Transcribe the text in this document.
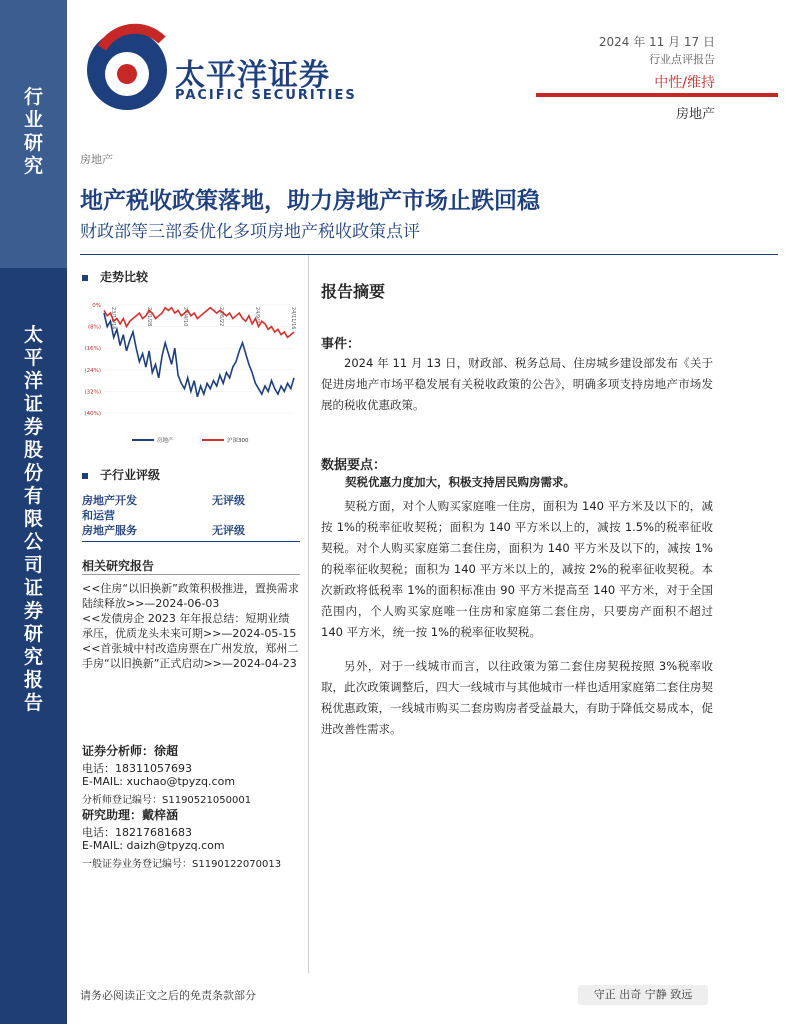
行
业
研
究
太
平
洋
证
券
股
份
有
限
公
司
证
券
研
究
报
告
太平洋证券
PACIFIC SECURITIES
2024 年 11 月 17 日
行业点评报告
中性/维持
房地产
房地产
地产税收政策落地，助力房地产市场止跌回稳
财政部等三部委优化多项房地产税收政策点评
走势比较
0%
(8%)
(16%)
(24%)
(32%)
(40%)
23/11/16	24/1/28	24/4/10	24/6/22	24/9/3	24/11/16
房地产	沪深300
子行业评级
房地产开发	无评级
和运营
房地产服务	无评级
相关研究报告

<<住房“以旧换新”政策积极推进，置换需求陆续释放>>—2024-06-03

<<发债房企 2023 年年报总结：短期业绩承压，优质龙头未来可期>>—2024-05-15

<<首张城中村改造房票在广州发放，郑州二手房“以旧换新”正式启动>>—2024-04-23

证券分析师：徐超
电话：18311057693
E-MAIL: xuchao@tpyzq.com
分析师登记编号：S1190521050001
研究助理：戴梓涵
电话：18217681683
E-MAIL: daizh@tpyzq.com
一般证券业务登记编号：S1190122070013
报告摘要
事件：

2024 年 11 月 13 日，财政部、税务总局、住房城乡建设部发布《关于促进房地产市场平稳发展有关税收政策的公告》，明确多项支持房地产市场发展的税收优惠政策。

数据要点：
契税优惠力度加大，积极支持居民购房需求。

契税方面，对个人购买家庭唯一住房，面积为 140 平方米及以下的，减按 1%的税率征收契税；面积为 140 平方米以上的，减按 1.5%的税率征收契税。对个人购买家庭第二套住房，面积为 140 平方米及以下的，减按 1%的税率征收契税；面积为 140 平方米以上的，减按 2%的税率征收契税。本次新政将低税率 1%的面积标准由 90 平方米提高至 140 平方米，对于全国范围内，个人购买家庭唯一住房和家庭第二套住房，只要房产面积不超过 140 平方米，统一按 1%的税率征收契税。

另外，对于一线城市而言，以往政策为第二套住房契税按照 3%税率收取，此次政策调整后，四大一线城市与其他城市一样也适用家庭第二套住房契税优惠政策，一线城市购买二套房购房者受益最大，有助于降低交易成本，促进改善性需求。

请务必阅读正文之后的免责条款部分	守正 出奇 宁静 致远
